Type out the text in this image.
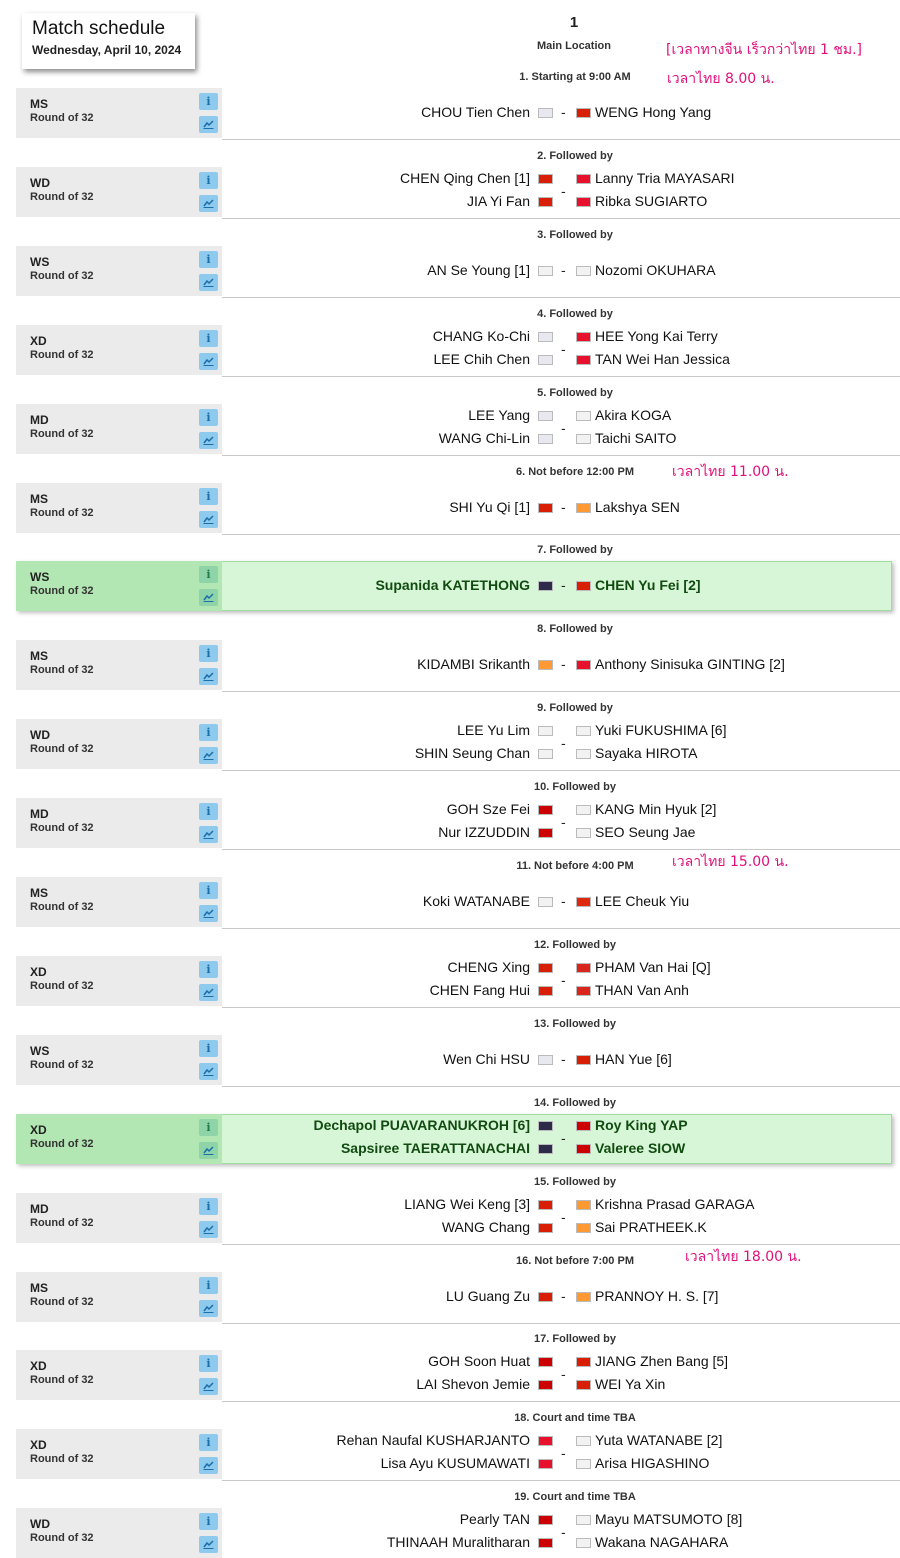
Match schedule
Wednesday, April 10, 2024
1
Main Location	[เวลาทางจีน เร็วกว่าไทย 1 ชม.]
เวลาไทย 8.00 น.
เวลาไทย 11.00 น.
เวลาไทย 15.00 น.
เวลาไทย 18.00 น.
1. Starting at 9:00 AM
MS
Round of 32
i
CHOU Tien Chen	WENG Hong Yang
-
2. Followed by
WD
Round of 32
i	CHEN Qing Chen [1]	Lanny Tria MAYASARI
JIA Yi Fan	Ribka SUGIARTO
-
3. Followed by
WS
Round of 32
i
AN Se Young [1]	Nozomi OKUHARA
-
4. Followed by
XD
Round of 32
i	CHANG Ko-Chi	HEE Yong Kai Terry
LEE Chih Chen	TAN Wei Han Jessica
-
5. Followed by
MD
Round of 32
i	LEE Yang	Akira KOGA
WANG Chi-Lin	Taichi SAITO
-
6. Not before 12:00 PM
MS
Round of 32
i
SHI Yu Qi [1]	Lakshya SEN
-
7. Followed by
WS
Round of 32
i
Supanida KATETHONG	CHEN Yu Fei [2]
-
8. Followed by
MS
Round of 32
i
KIDAMBI Srikanth	Anthony Sinisuka GINTING [2]
-
9. Followed by
WD
Round of 32
i	LEE Yu Lim	Yuki FUKUSHIMA [6]
SHIN Seung Chan	Sayaka HIROTA
-
10. Followed by
MD
Round of 32
i	GOH Sze Fei	KANG Min Hyuk [2]
Nur IZZUDDIN	SEO Seung Jae
-
11. Not before 4:00 PM
MS
Round of 32
i
Koki WATANABE	LEE Cheuk Yiu
-
12. Followed by
XD
Round of 32
i	CHENG Xing	PHAM Van Hai [Q]
CHEN Fang Hui	THAN Van Anh
-
13. Followed by
WS
Round of 32
i
Wen Chi HSU	HAN Yue [6]
-
14. Followed by
XD
Round of 32
i	Dechapol PUAVARANUKROH [6]	Roy King YAP
Sapsiree TAERATTANACHAI	Valeree SIOW
-
15. Followed by
MD
Round of 32
i	LIANG Wei Keng [3]	Krishna Prasad GARAGA
WANG Chang	Sai PRATHEEK.K
-
16. Not before 7:00 PM
MS
Round of 32
i
LU Guang Zu	PRANNOY H. S. [7]
-
17. Followed by
XD
Round of 32
i	GOH Soon Huat	JIANG Zhen Bang [5]
LAI Shevon Jemie	WEI Ya Xin
-
18. Court and time TBA
XD
Round of 32
i	Rehan Naufal KUSHARJANTO	Yuta WATANABE [2]
Lisa Ayu KUSUMAWATI	Arisa HIGASHINO
-
19. Court and time TBA
WD
Round of 32
i	Pearly TAN	Mayu MATSUMOTO [8]
THINAAH Muralitharan	Wakana NAGAHARA
-
